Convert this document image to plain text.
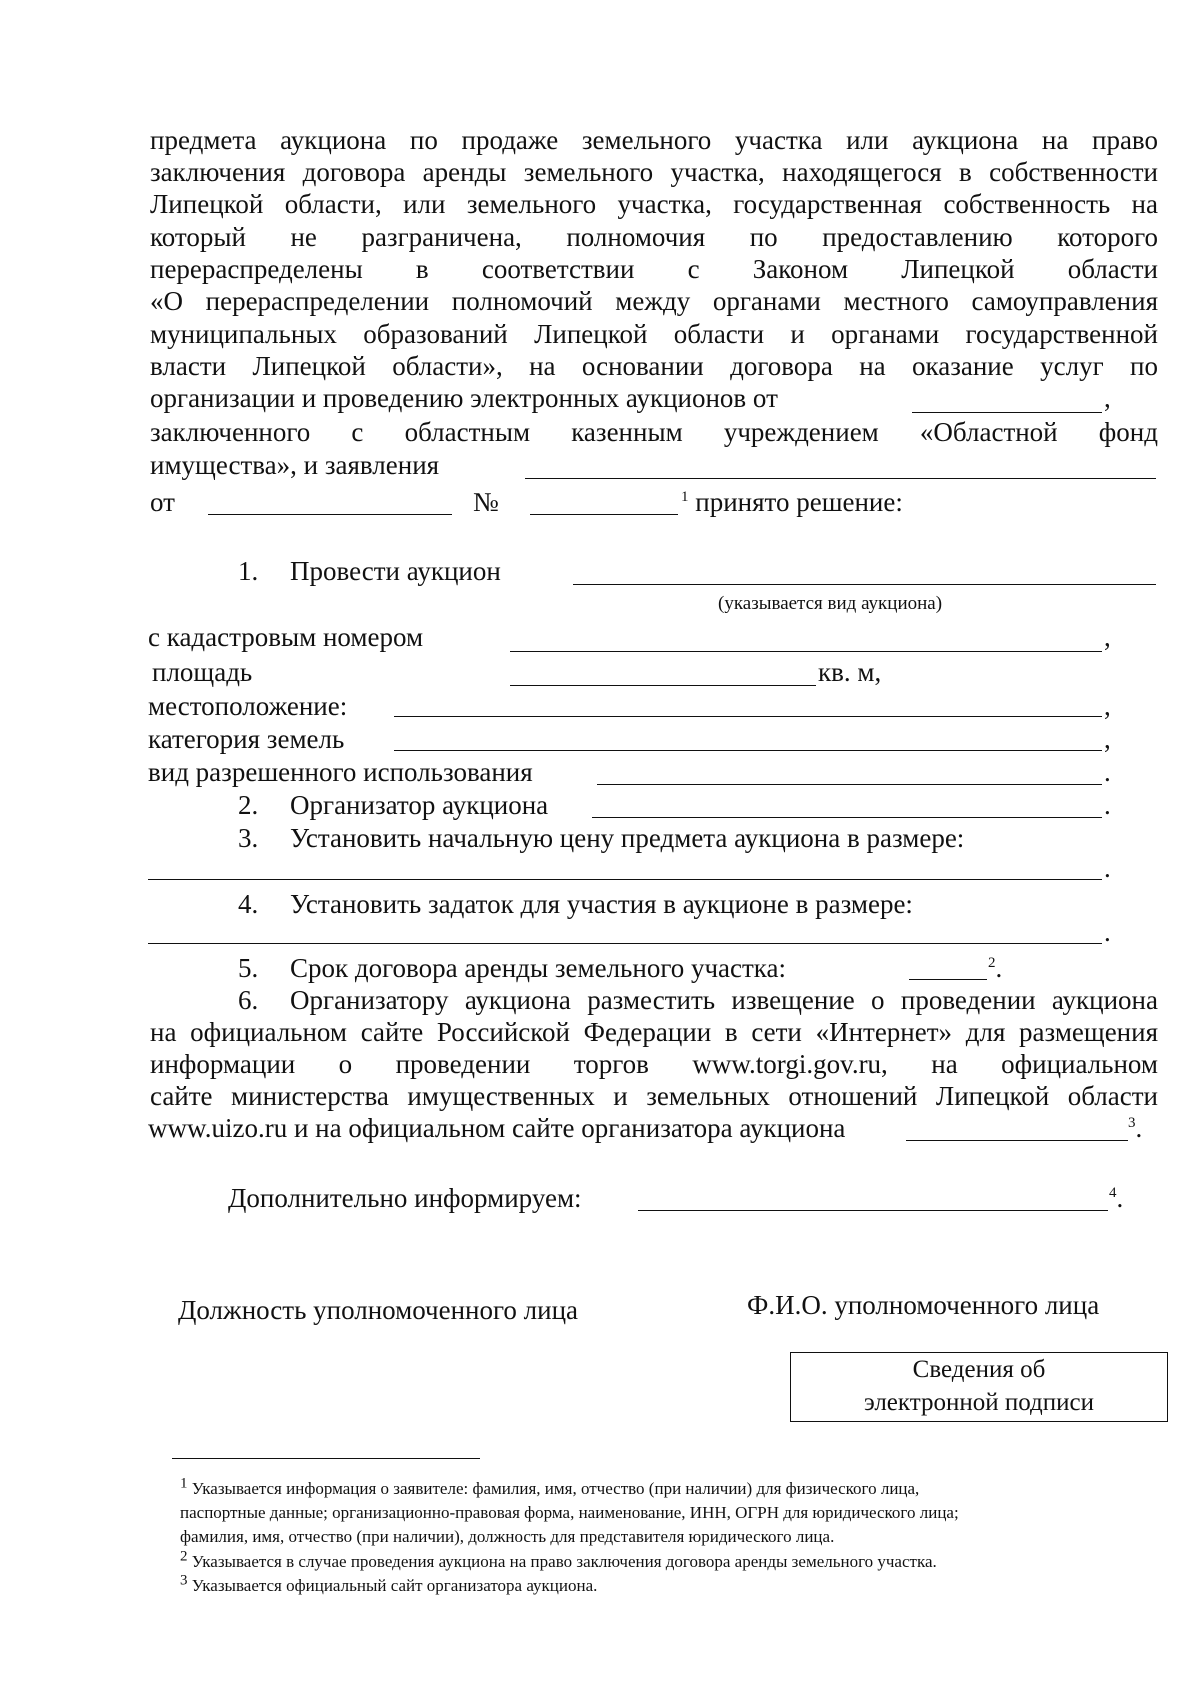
предмета аукциона по продаже земельного участка или аукциона на право
заключения договора аренды земельного участка, находящегося в собственности
Липецкой области, или земельного участка, государственная собственность на
который не разграничена, полномочия по предоставлению которого
перераспределены в соответствии с Законом Липецкой области
«О перераспределении полномочий между органами местного самоуправления
муниципальных образований Липецкой области и органами государственной
власти Липецкой области», на основании договора на оказание услуг по
организации и проведению электронных аукционов от	,
заключенного с областным казенным учреждением «Областной фонд
имущества», и заявления
от	№	$^1$ принято решение:
1. Провести аукцион
(указывается вид аукциона)
с кадастровым номером	,
площадь	кв. м,
местоположение:	,
категория земель	,
вид разрешенного использования	.
2. Организатор аукциона	.
3. Установить начальную цену предмета аукциона в размере:
.
4. Установить задаток для участия в аукционе в размере:
.
5. Срок договора аренды земельного участка:	$^2$.
6. Организатору аукциона разместить извещение о проведении аукциона
на официальном сайте Российской Федерации в сети «Интернет» для размещения
информации о проведении торгов www.torgi.gov.ru, на официальном
сайте министерства имущественных и земельных отношений Липецкой области
www.uizo.ru и на официальном сайте организатора аукциона	$^3$.
Дополнительно информируем:	$^4$.
Должность уполномоченного лица	Ф.И.О. уполномоченного лица
Сведения об
электронной подписи
$^1$ Указывается информация о заявителе: фамилия, имя, отчество (при наличии) для физического лица,
паспортные данные; организационно-правовая форма, наименование, ИНН, ОГРН для юридического лица;
фамилия, имя, отчество (при наличии), должность для представителя юридического лица.
$^2$ Указывается в случае проведения аукциона на право заключения договора аренды земельного участка.
$^3$ Указывается официальный сайт организатора аукциона.
